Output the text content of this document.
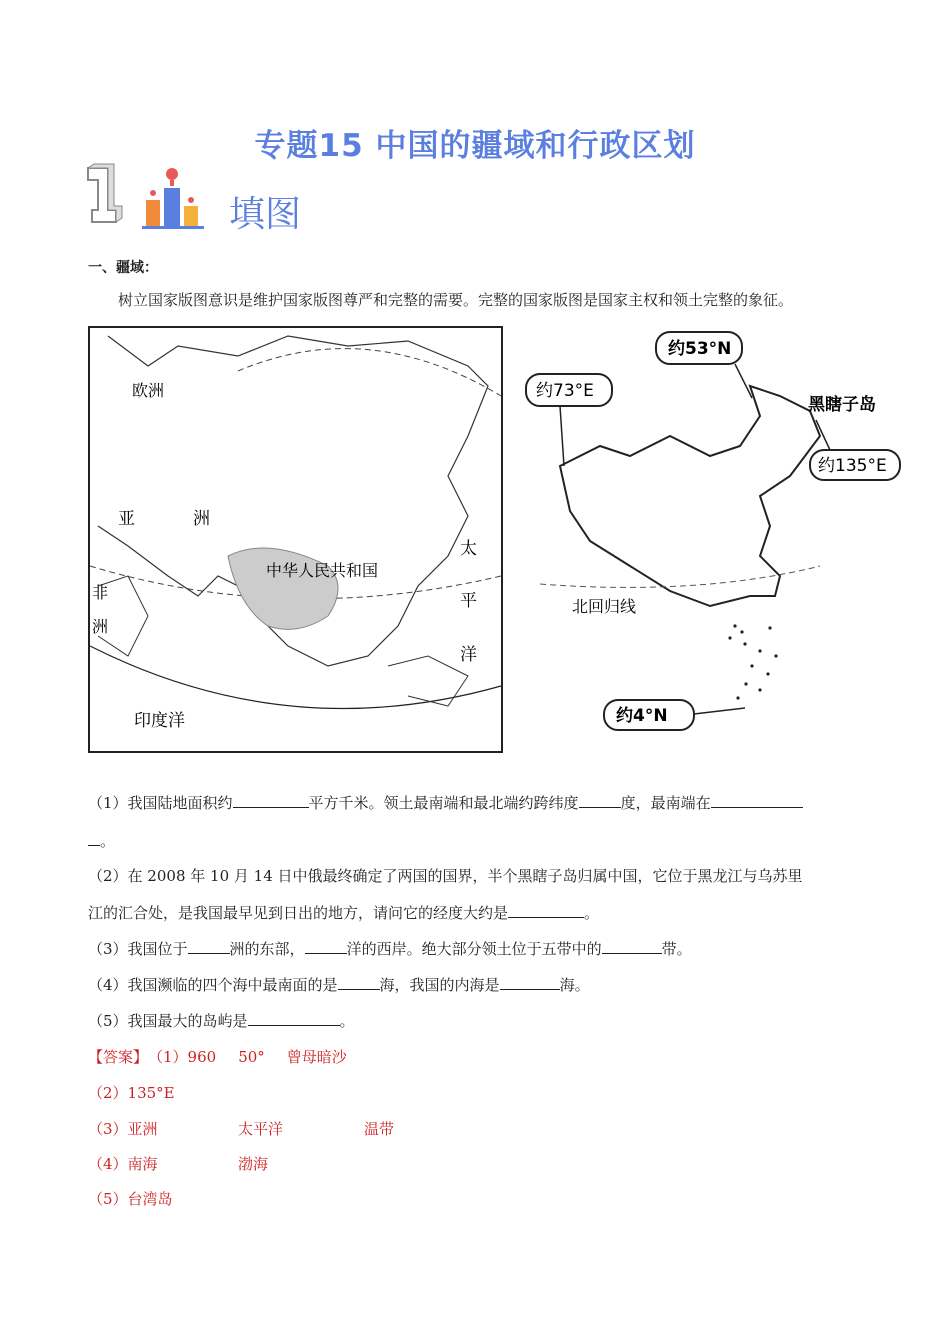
专题15 中国的疆域和行政区划
填图
一、疆域：
树立国家版图意识是维护国家版图尊严和完整的需要。完整的国家版图是国家主权和领土完整的象征。
欧洲
亚	洲
中华人民共和国
非
洲
太
平
洋
印度洋
约53°N
约73°E
黑瞎子岛
约135°E
北回归线
约4°N
（1）我国陆地面积约	平方千米。领土最南端和最北端约跨纬度	度，最南端在
。
（2）在 2008 年 10 月 14 日中俄最终确定了两国的国界，半个黑瞎子岛归属中国，它位于黑龙江与乌苏里
江的汇合处，是我国最早见到日出的地方，请问它的经度大约是	。
（3）我国位于	洲的东部，	洋的西岸。绝大部分领土位于五带中的	带。
（4）我国濒临的四个海中最南面的是	海，我国的内海是	海。
（5）我国最大的岛屿是	。
【答案】（1）960 50° 曾母暗沙
（2）135°E
（3）亚洲	太平洋	温带
（4）南海	渤海
（5）台湾岛
